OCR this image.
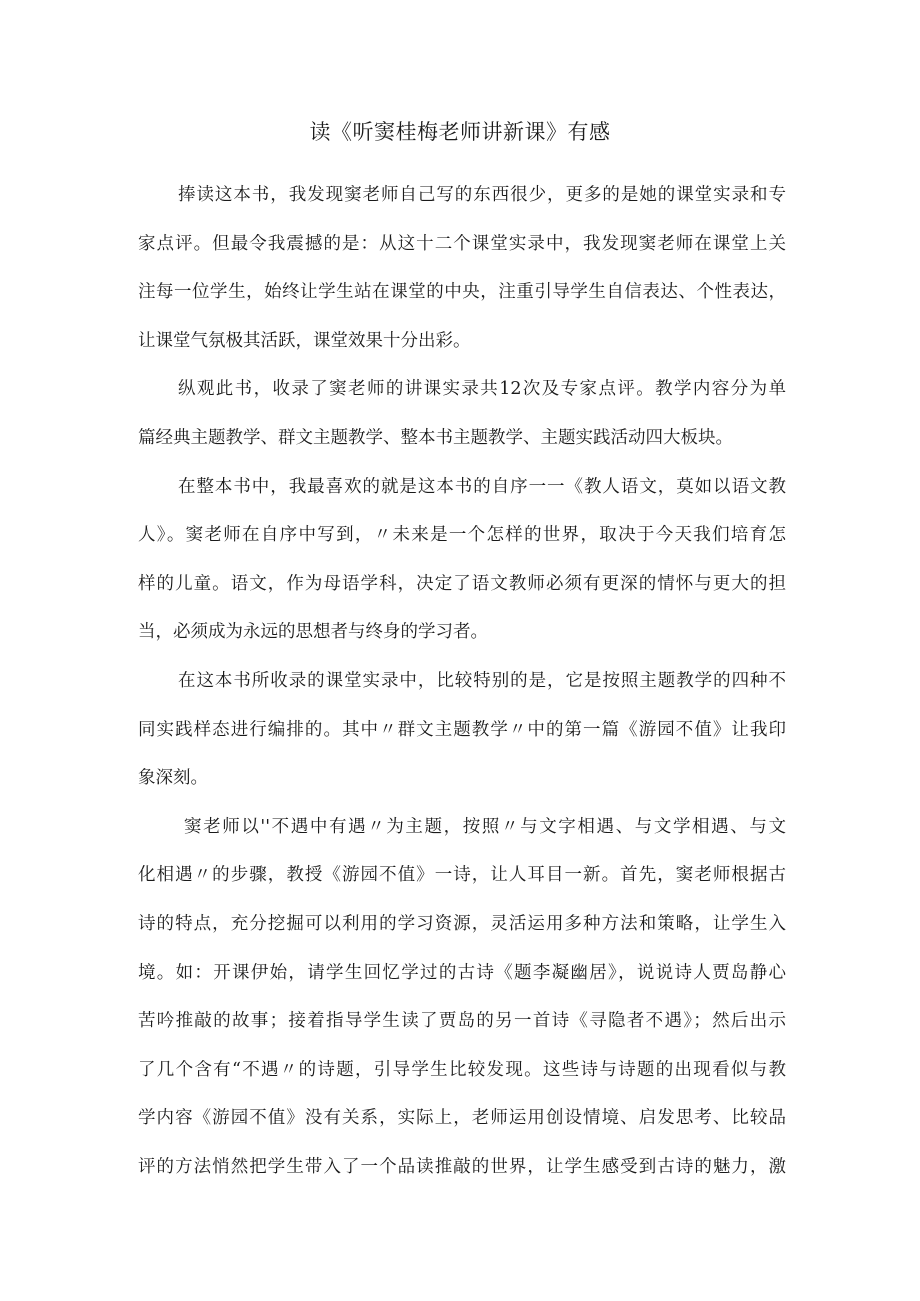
读《听窦桂梅老师讲新课》有感
捧读这本书，我发现窦老师自己写的东西很少，更多的是她的课堂实录和专
家点评。但最令我震撼的是：从这十二个课堂实录中，我发现窦老师在课堂上关
注每一位学生，始终让学生站在课堂的中央，注重引导学生自信表达、个性表达，
让课堂气氛极其活跃，课堂效果十分出彩。
纵观此书，收录了窦老师的讲课实录共12次及专家点评。教学内容分为单
篇经典主题教学、群文主题教学、整本书主题教学、主题实践活动四大板块。
在整本书中，我最喜欢的就是这本书的自序一一《教人语文，莫如以语文教
人》。窦老师在自序中写到，〃未来是一个怎样的世界，取决于今天我们培育怎
样的儿童。语文，作为母语学科，决定了语文教师必须有更深的情怀与更大的担
当，必须成为永远的思想者与终身的学习者。
在这本书所收录的课堂实录中，比较特别的是，它是按照主题教学的四种不
同实践样态进行编排的。其中〃群文主题教学〃中的第一篇《游园不值》让我印
象深刻。
窦老师以''不遇中有遇〃为主题，按照〃与文字相遇、与文学相遇、与文
化相遇〃的步骤，教授《游园不值》一诗，让人耳目一新。首先，窦老师根据古
诗的特点，充分挖掘可以利用的学习资源，灵活运用多种方法和策略，让学生入
境。如：开课伊始，请学生回忆学过的古诗《题李凝幽居》，说说诗人贾岛静心
苦吟推敲的故事；接着指导学生读了贾岛的另一首诗《寻隐者不遇》；然后出示
了几个含有“不遇〃的诗题，引导学生比较发现。这些诗与诗题的出现看似与教
学内容《游园不值》没有关系，实际上，老师运用创设情境、启发思考、比较品
评的方法悄然把学生带入了一个品读推敲的世界，让学生感受到古诗的魅力，激
